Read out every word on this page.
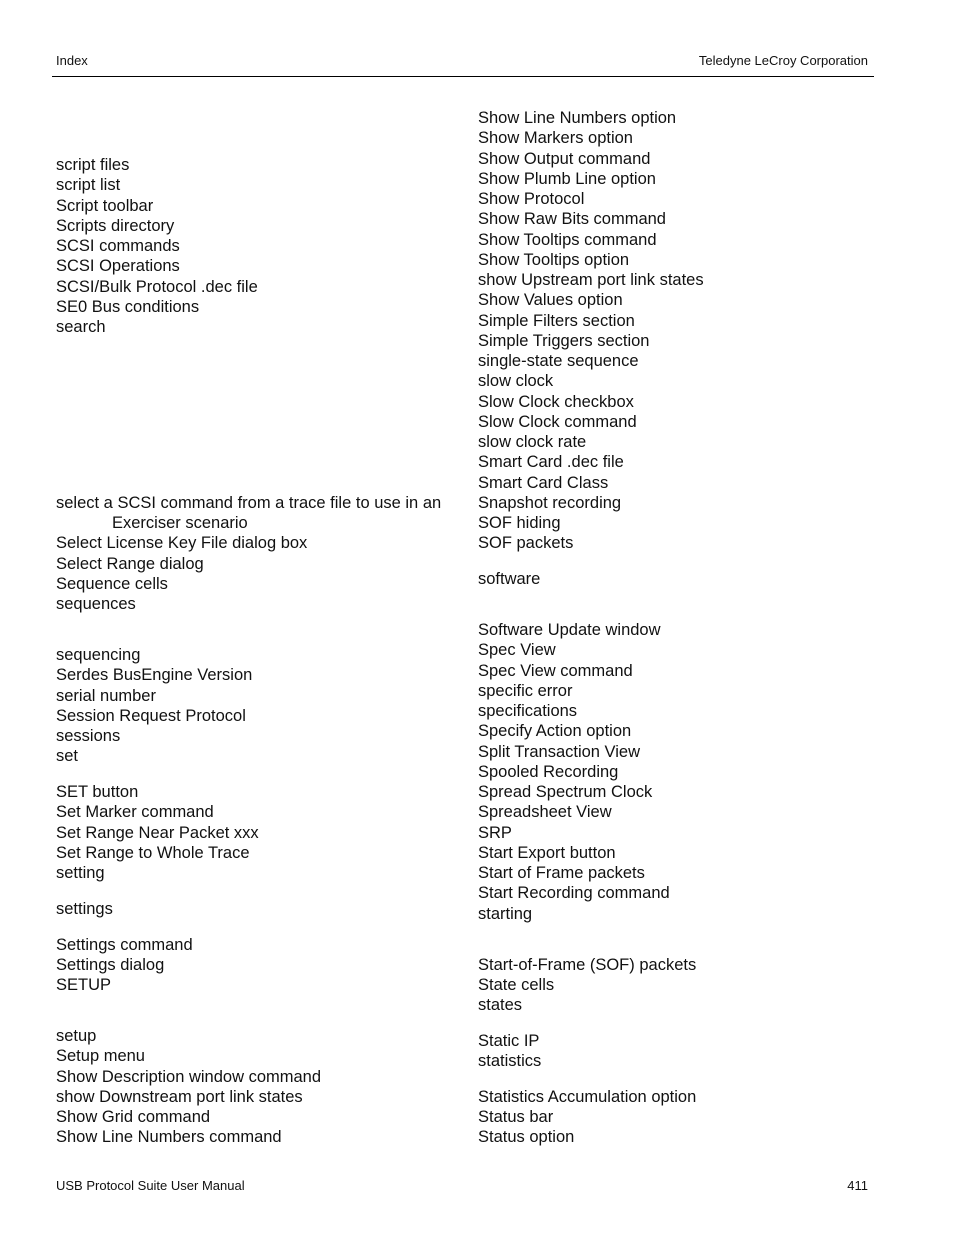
Index	Teledyne LeCroy Corporation
script files
script list
Script toolbar
Scripts directory
SCSI commands
SCSI Operations
SCSI/Bulk Protocol .dec file
SE0 Bus conditions
search
select a SCSI command from a trace file to use in an Exerciser scenario
Select License Key File dialog box
Select Range dialog
Sequence cells
sequences
sequencing
Serdes BusEngine Version
serial number
Session Request Protocol
sessions
set
SET button
Set Marker command
Set Range Near Packet xxx
Set Range to Whole Trace
setting
settings
Settings command
Settings dialog
SETUP
setup
Setup menu
Show Description window command
show Downstream port link states
Show Grid command
Show Line Numbers command
Show Line Numbers option
Show Markers option
Show Output command
Show Plumb Line option
Show Protocol
Show Raw Bits command
Show Tooltips command
Show Tooltips option
show Upstream port link states
Show Values option
Simple Filters section
Simple Triggers section
single-state sequence
slow clock
Slow Clock checkbox
Slow Clock command
slow clock rate
Smart Card .dec file
Smart Card Class
Snapshot recording
SOF hiding
SOF packets
software
Software Update window
Spec View
Spec View command
specific error
specifications
Specify Action option
Split Transaction View
Spooled Recording
Spread Spectrum Clock
Spreadsheet View
SRP
Start Export button
Start of Frame packets
Start Recording command
starting
Start-of-Frame (SOF) packets
State cells
states
Static IP
statistics
Statistics Accumulation option
Status bar
Status option
USB Protocol Suite User Manual	411
